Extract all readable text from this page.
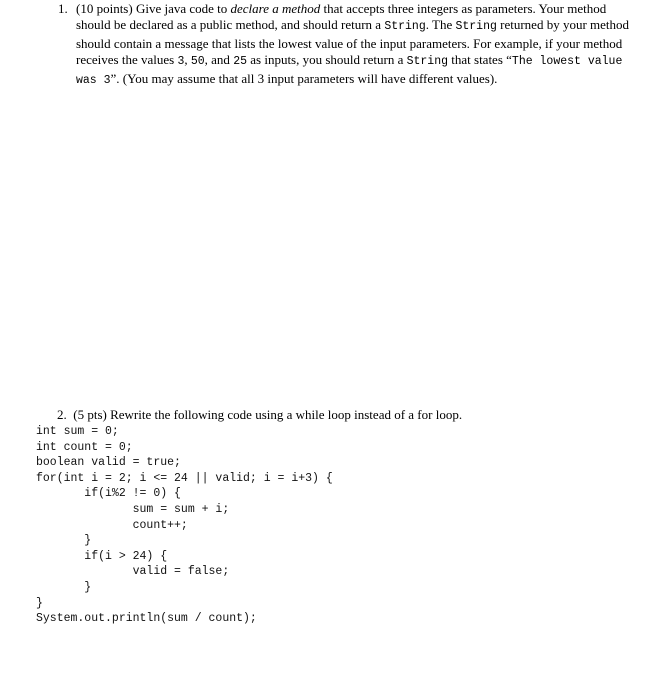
1. (10 points) Give java code to declare a method that accepts three integers as parameters. Your method should be declared as a public method, and should return a String. The String returned by your method should contain a message that lists the lowest value of the input parameters. For example, if your method receives the values 3, 50, and 25 as inputs, you should return a String that states “The lowest value was 3”. (You may assume that all 3 input parameters will have different values).
2. (5 pts) Rewrite the following code using a while loop instead of a for loop.
int sum = 0;
int count = 0;
boolean valid = true;
for(int i = 2; i <= 24 || valid; i = i+3) {
if(i%2 != 0) {
sum = sum + i;
count++;
}
if(i > 24) {
valid = false;
}
}
System.out.println(sum / count);
